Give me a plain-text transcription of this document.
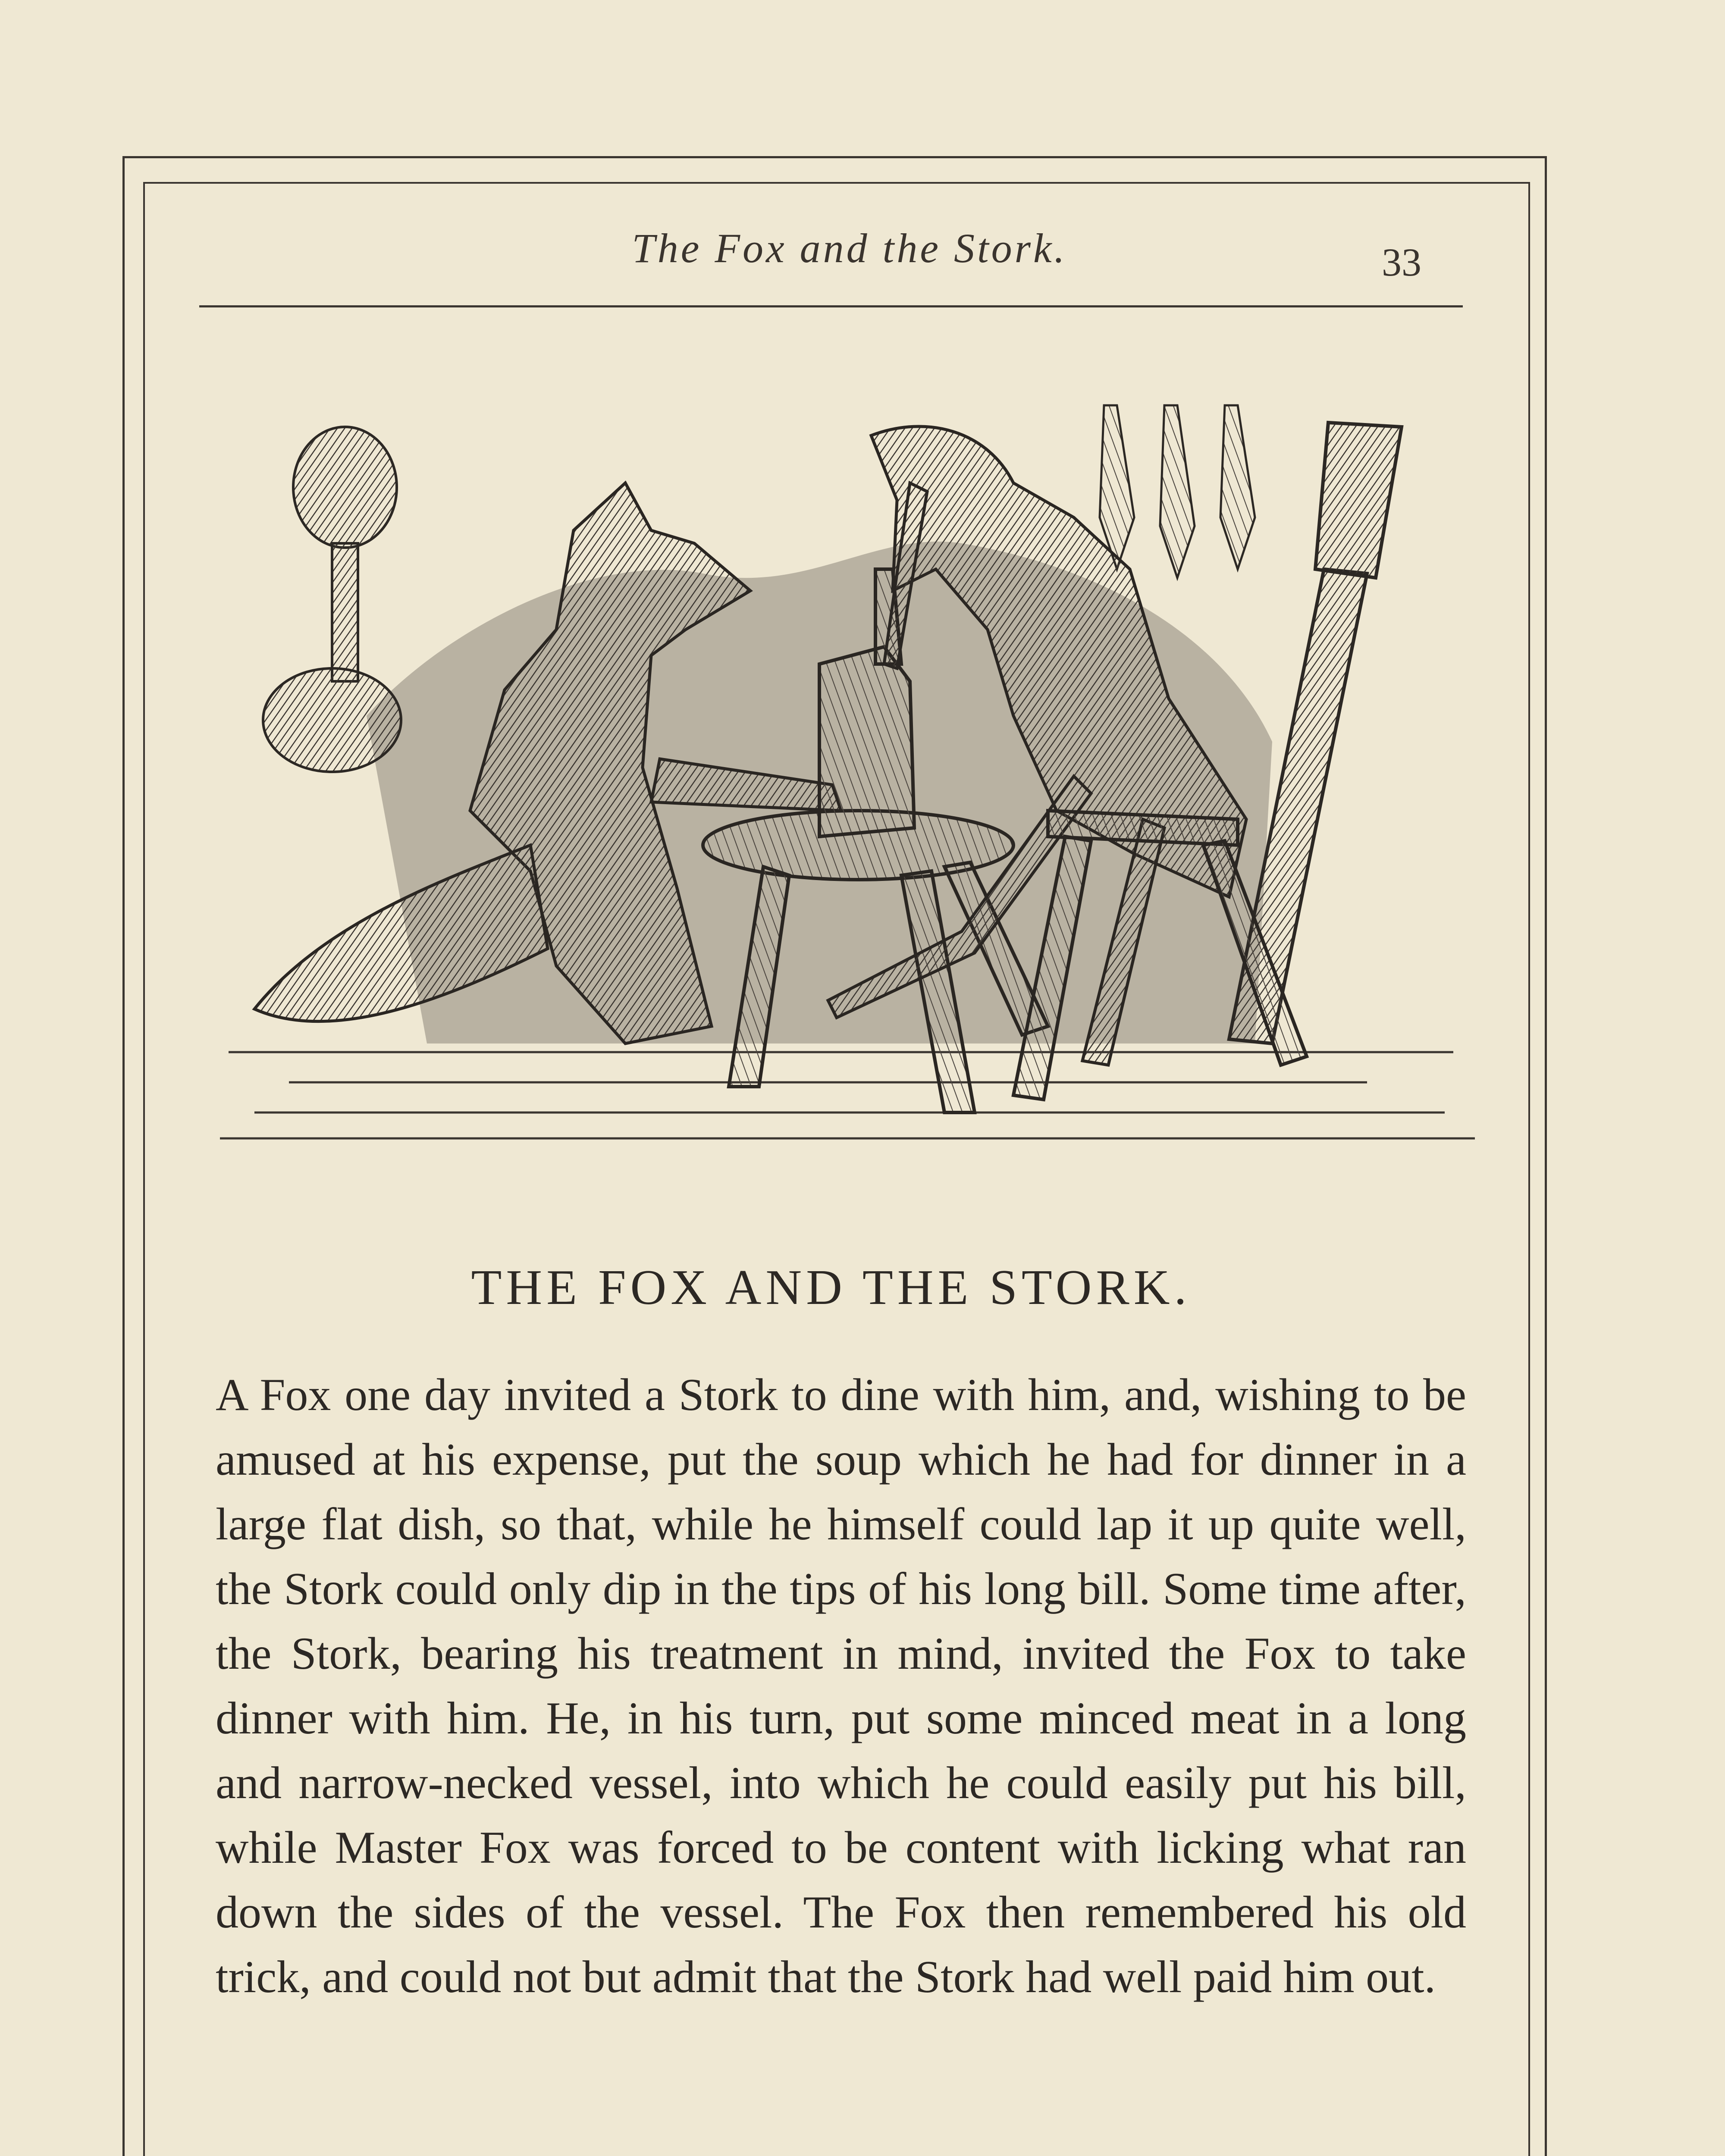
The Fox and the Stork.	33
THE FOX AND THE STORK.
A Fox one day invited a Stork to dine with him, and, wishing to be amused at his expense, put the soup which he had for dinner in a large flat dish, so that, while he himself could lap it up quite well, the Stork could only dip in the tips of his long bill. Some time after, the Stork, bearing his treatment in mind, invited the Fox to take dinner with him. He, in his turn, put some minced meat in a long and narrow-necked vessel, into which he could easily put his bill, while Master Fox was forced to be content with licking what ran down the sides of the vessel. The Fox then remembered his old trick, and could not but admit that the Stork had well paid him out.
